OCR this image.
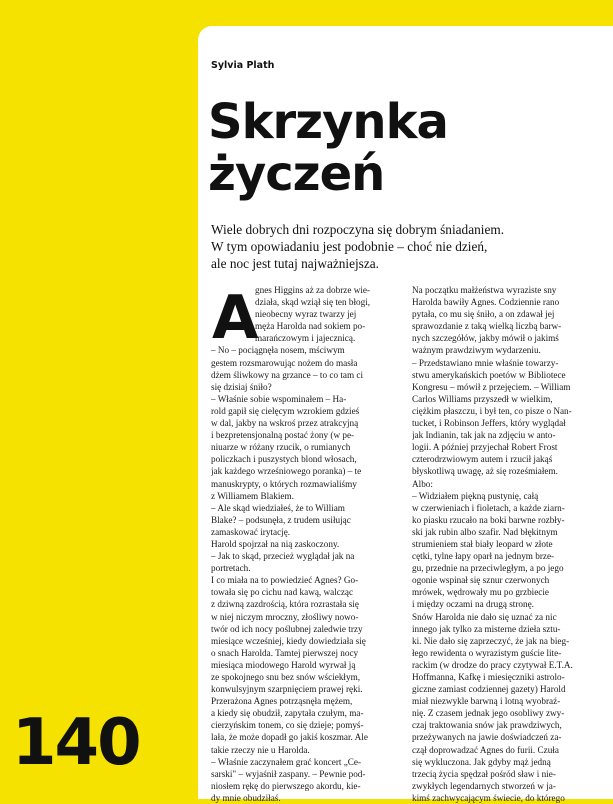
Sylvia Plath
Skrzynka
życzeń
Wiele dobrych dni rozpoczyna się dobrym śniadaniem.
W tym opowiadaniu jest podobnie – choć nie dzień,
ale noc jest tutaj najważniejsza.
A
gnes Higgins aż za dobrze wie-
działa, skąd wziął się ten błogi,
nieobecny wyraz twarzy jej
męża Harolda nad sokiem po-
marańczowym i jajecznicą.
– No – pociągnęła nosem, mściwym
gestem rozsmarowując nożem do masła
dżem śliwkowy na grzance – to co tam ci
się dzisiaj śniło?
– Właśnie sobie wspominałem – Ha-
rold gapił się cielęcym wzrokiem gdzieś
w dal, jakby na wskroś przez atrakcyjną
i bezpretensjonalną postać żony (w pe-
niuarze w różany rzucik, o rumianych
policzkach i puszystych blond włosach,
jak każdego wrześniowego poranka) – te
manuskrypty, o których rozmawialiśmy
z Williamem Blakiem.
– Ale skąd wiedziałeś, że to William
Blake? – podsunęła, z trudem usiłując
zamaskować irytację.
Harold spojrzał na nią zaskoczony.
– Jak to skąd, przecież wyglądał jak na
portretach.
I co miała na to powiedzieć Agnes? Go-
towała się po cichu nad kawą, walcząc
z dziwną zazdrością, która rozrastała się
w niej niczym mroczny, złośliwy nowo-
twór od ich nocy poślubnej zaledwie trzy
miesiące wcześniej, kiedy dowiedziała się
o snach Harolda. Tamtej pierwszej nocy
miesiąca miodowego Harold wyrwał ją
ze spokojnego snu bez snów wściekłym,
konwulsyjnym szarpnięciem prawej ręki.
Przerażona Agnes potrząsnęła mężem,
a kiedy się obudził, zapytała czułym, ma-
cierzyńskim tonem, co się dzieje; pomyś-
lała, że może dopadł go jakiś koszmar. Ale
takie rzeczy nie u Harolda.
– Właśnie zaczynałem grać koncert „Ce-
sarski" – wyjaśnił zaspany. – Pewnie pod-
niosłem rękę do pierwszego akordu, kie-
dy mnie obudziłaś.
Na początku małżeństwa wyraziste sny
Harolda bawiły Agnes. Codziennie rano
pytała, co mu się śniło, a on zdawał jej
sprawozdanie z taką wielką liczbą barw-
nych szczegółów, jakby mówił o jakimś
ważnym prawdziwym wydarzeniu.
– Przedstawiano mnie właśnie towarzy-
stwu amerykańskich poetów w Bibliotece
Kongresu – mówił z przejęciem. – William
Carlos Williams przyszedł w wielkim,
ciężkim płaszczu, i był ten, co pisze o Nan-
tucket, i Robinson Jeffers, który wyglądał
jak Indianin, tak jak na zdjęciu w anto-
logii. A później przyjechał Robert Frost
czterodrzwiowym autem i rzucił jakąś
błyskotliwą uwagę, aż się roześmiałem.
Albo:
– Widziałem piękną pustynię, całą
w czerwieniach i fioletach, a każde ziarn-
ko piasku rzucało na boki barwne rozbły-
ski jak rubin albo szafir. Nad błękitnym
strumieniem stał biały leopard w złote
cętki, tylne łapy oparł na jednym brze-
gu, przednie na przeciwległym, a po jego
ogonie wspinał się sznur czerwonych
mrówek, wędrowały mu po grzbiecie
i między oczami na drugą stronę.
Snów Harolda nie dało się uznać za nic
innego jak tylko za misterne dzieła sztu-
ki. Nie dało się zaprzeczyć, że jak na bieg-
łego rewidenta o wyrazistym guście lite-
rackim (w drodze do pracy czytywał E.T.A.
Hoffmanna, Kafkę i miesięczniki astrolo-
giczne zamiast codziennej gazety) Harold
miał niezwykle barwną i lotną wyobraź-
nię. Z czasem jednak jego osobliwy zwy-
czaj traktowania snów jak prawdziwych,
przeżywanych na jawie doświadczeń za-
czął doprowadzać Agnes do furii. Czuła
się wykluczona. Jak gdyby mąż jedną
trzecią życia spędzał pośród sław i nie-
zwykłych legendarnych stworzeń w ja-
kimś zachwycającym świecie, do którego
140
